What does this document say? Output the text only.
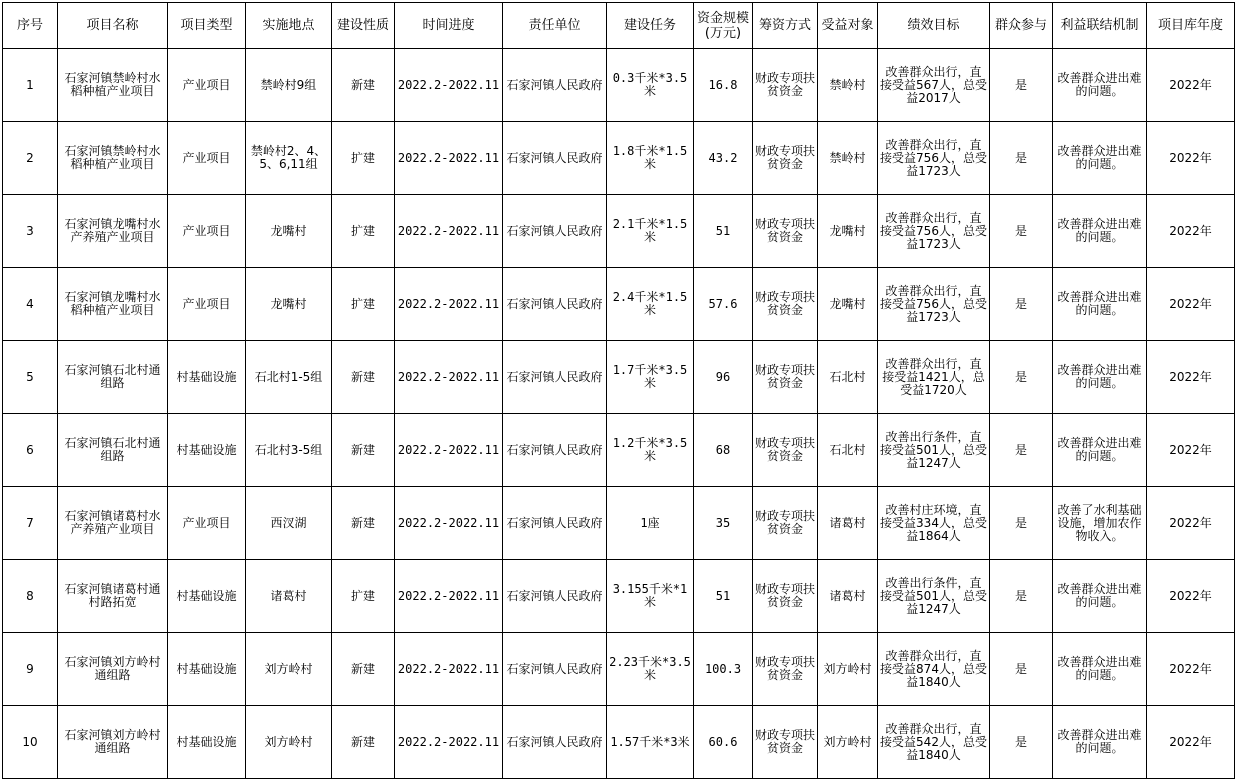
序号	项目名称	项目类型	实施地点	建设性质	时间进度	责任单位	建设任务	资金规模(万元)	筹资方式	受益对象	绩效目标	群众参与	利益联结机制	项目库年度
1	石家河镇禁岭村水稻种植产业项目	产业项目	禁岭村9组	新建	2022.2-2022.11	石家河镇人民政府	0.3千米*3.5米	16.8	财政专项扶贫资金	禁岭村	改善群众出行，直接受益567人，总受益2017人	是	改善群众进出难的问题。	2022年
2	石家河镇禁岭村水稻种植产业项目	产业项目	禁岭村2、4、5、6,11组	扩建	2022.2-2022.11	石家河镇人民政府	1.8千米*1.5米	43.2	财政专项扶贫资金	禁岭村	改善群众出行，直接受益756人，总受益1723人	是	改善群众进出难的问题。	2022年
3	石家河镇龙嘴村水产养殖产业项目	产业项目	龙嘴村	扩建	2022.2-2022.11	石家河镇人民政府	2.1千米*1.5米	51	财政专项扶贫资金	龙嘴村	改善群众出行，直接受益756人，总受益1723人	是	改善群众进出难的问题。	2022年
4	石家河镇龙嘴村水稻种植产业项目	产业项目	龙嘴村	扩建	2022.2-2022.11	石家河镇人民政府	2.4千米*1.5米	57.6	财政专项扶贫资金	龙嘴村	改善群众出行，直接受益756人，总受益1723人	是	改善群众进出难的问题。	2022年
5	石家河镇石北村通组路	村基础设施	石北村1-5组	新建	2022.2-2022.11	石家河镇人民政府	1.7千米*3.5米	96	财政专项扶贫资金	石北村	改善群众出行，直接受益1421人，总受益1720人	是	改善群众进出难的问题。	2022年
6	石家河镇石北村通组路	村基础设施	石北村3-5组	新建	2022.2-2022.11	石家河镇人民政府	1.2千米*3.5米	68	财政专项扶贫资金	石北村	改善出行条件，直接受益501人，总受益1247人	是	改善群众进出难的问题。	2022年
7	石家河镇诸葛村水产养殖产业项目	产业项目	西汊湖	新建	2022.2-2022.11	石家河镇人民政府	1座	35	财政专项扶贫资金	诸葛村	改善村庄环境，直接受益334人，总受益1864人	是	改善了水利基础设施，增加农作物收入。	2022年
8	石家河镇诸葛村通村路拓宽	村基础设施	诸葛村	扩建	2022.2-2022.11	石家河镇人民政府	3.155千米*1米	51	财政专项扶贫资金	诸葛村	改善出行条件，直接受益501人，总受益1247人	是	改善群众进出难的问题。	2022年
9	石家河镇刘方岭村通组路	村基础设施	刘方岭村	新建	2022.2-2022.11	石家河镇人民政府	2.23千米*3.5米	100.3	财政专项扶贫资金	刘方岭村	改善群众出行，直接受益874人，总受益1840人	是	改善群众进出难的问题。	2022年
10	石家河镇刘方岭村通组路	村基础设施	刘方岭村	新建	2022.2-2022.11	石家河镇人民政府	1.57千米*3米	60.6	财政专项扶贫资金	刘方岭村	改善群众出行，直接受益542人，总受益1840人	是	改善群众进出难的问题。	2022年
